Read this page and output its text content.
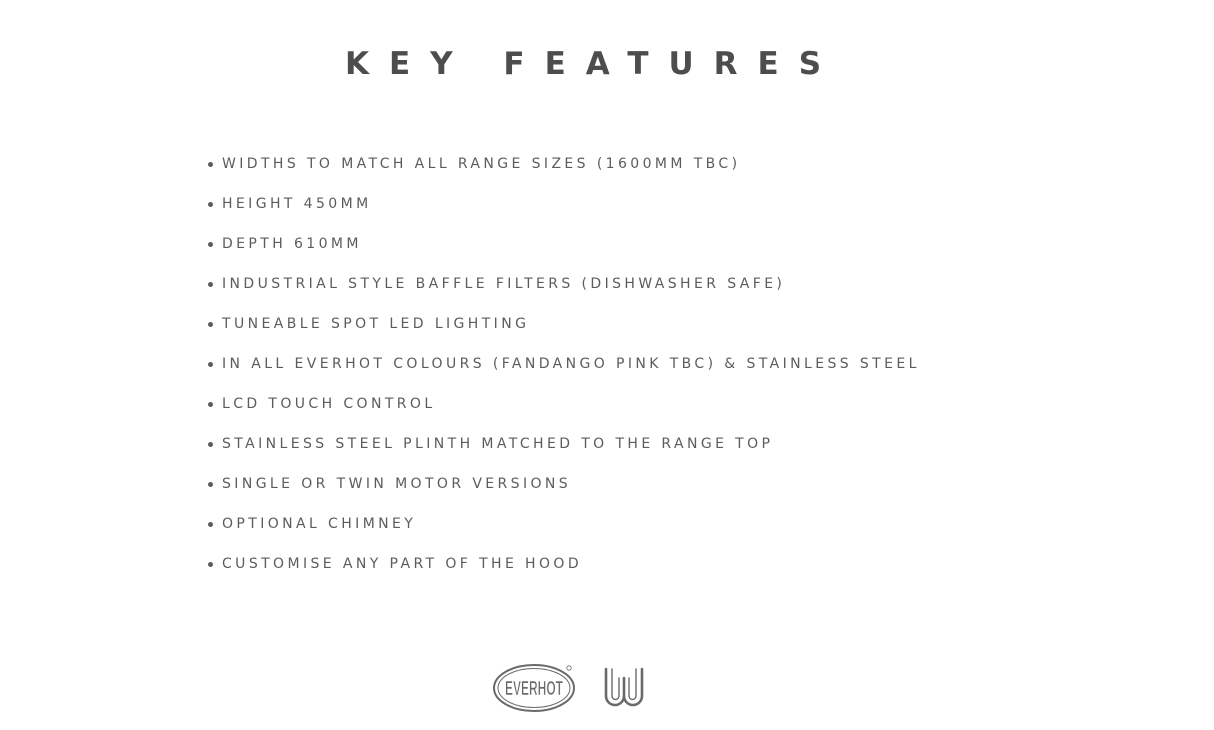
KEY FEATURES
WIDTHS TO MATCH ALL RANGE SIZES (1600MM TBC)
HEIGHT 450MM
DEPTH 610MM
INDUSTRIAL STYLE BAFFLE FILTERS (DISHWASHER SAFE)
TUNEABLE SPOT LED LIGHTING
IN ALL EVERHOT COLOURS (FANDANGO PINK TBC) & STAINLESS STEEL
LCD TOUCH CONTROL
STAINLESS STEEL PLINTH MATCHED TO THE RANGE TOP
SINGLE OR TWIN MOTOR VERSIONS
OPTIONAL CHIMNEY
CUSTOMISE ANY PART OF THE HOOD
EVERHOT
